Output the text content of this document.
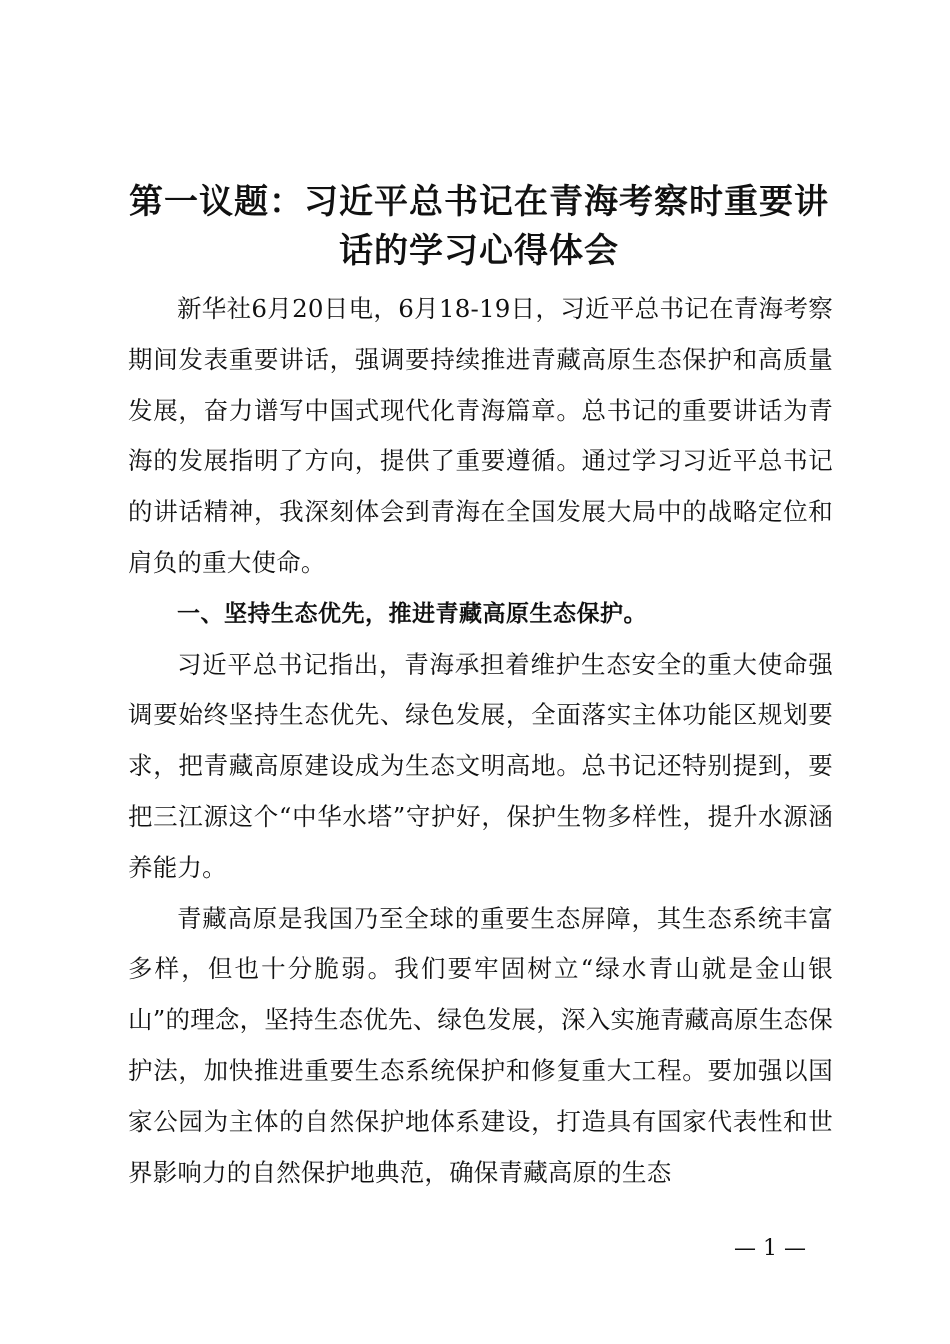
第一议题：习近平总书记在青海考察时重要讲
话的学习心得体会

新华社6月20日电，6月18-19日，习近平总书记在青海考察期间发表重要讲话，强调要持续推进青藏高原生态保护和高质量发展，奋力谱写中国式现代化青海篇章。总书记的重要讲话为青海的发展指明了方向，提供了重要遵循。通过学习习近平总书记的讲话精神，我深刻体会到青海在全国发展大局中的战略定位和肩负的重大使命。

一、坚持生态优先，推进青藏高原生态保护。

习近平总书记指出，青海承担着维护生态安全的重大使命强调要始终坚持生态优先、绿色发展，全面落实主体功能区规划要求，把青藏高原建设成为生态文明高地。总书记还特别提到，要把三江源这个“中华水塔”守护好，保护生物多样性，提升水源涵养能力。

青藏高原是我国乃至全球的重要生态屏障，其生态系统丰富多样，但也十分脆弱。我们要牢固树立“绿水青山就是金山银山”的理念，坚持生态优先、绿色发展，深入实施青藏高原生态保护法，加快推进重要生态系统保护和修复重大工程。要加强以国家公园为主体的自然保护地体系建设，打造具有国家代表性和世界影响力的自然保护地典范，确保青藏高原的生态

— 1 —
